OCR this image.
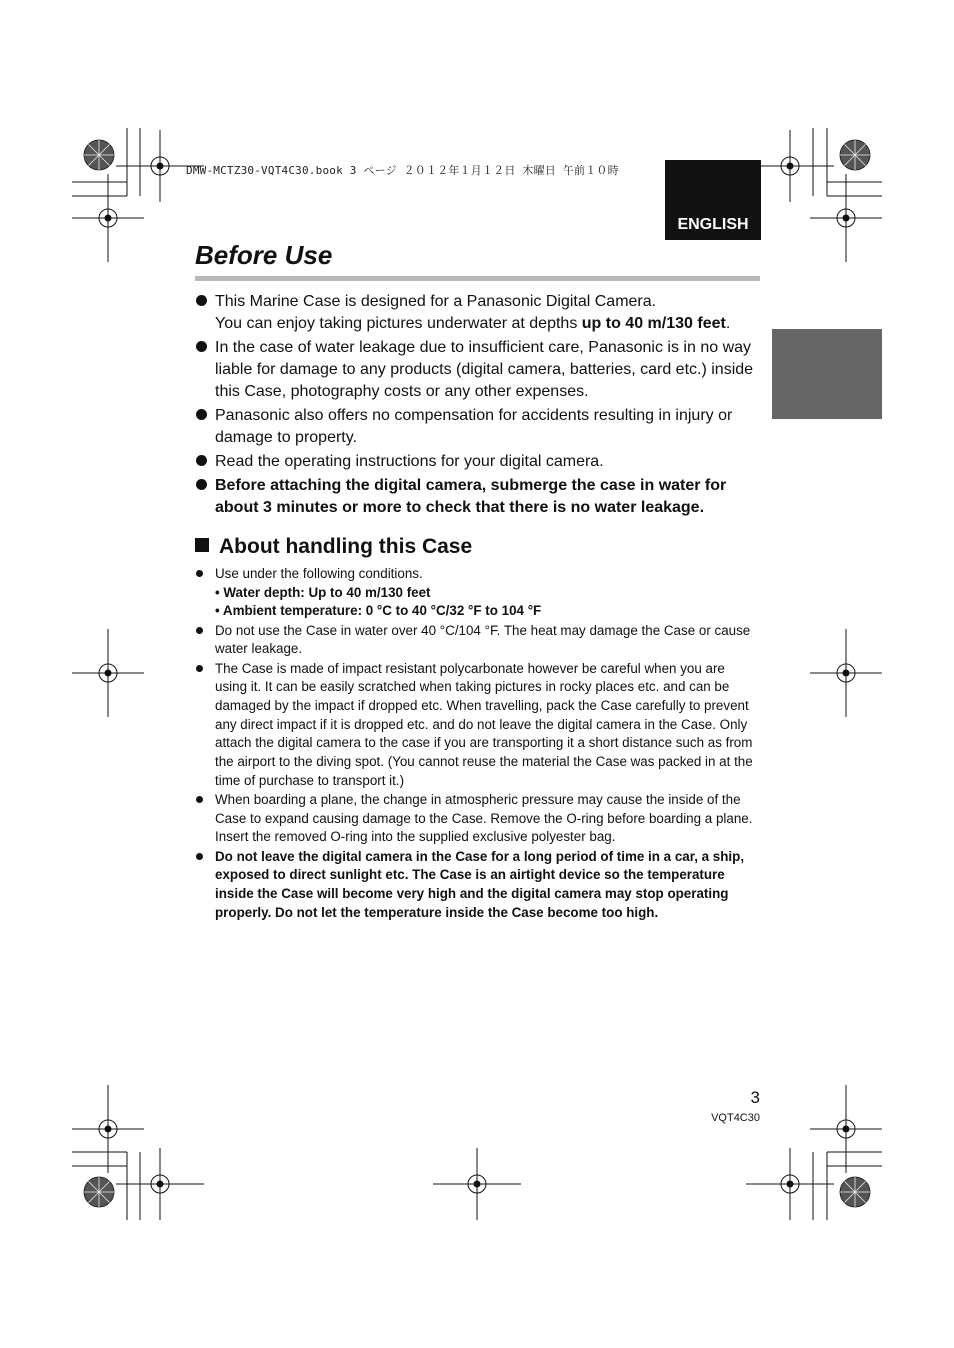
DMW-MCTZ30-VQT4C30.book 3 ページ ２０１２年１月１２日 木曜日 午前１０時
ENGLISH
Before Use
This Marine Case is designed for a Panasonic Digital Camera.
You can enjoy taking pictures underwater at depths up to 40 m/130 feet.
In the case of water leakage due to insufficient care, Panasonic is in no way liable for damage to any products (digital camera, batteries, card etc.) inside this Case, photography costs or any other expenses.
Panasonic also offers no compensation for accidents resulting in injury or damage to property.
Read the operating instructions for your digital camera.
Before attaching the digital camera, submerge the case in water for about 3 minutes or more to check that there is no water leakage.
About handling this Case
Use under the following conditions.
• Water depth: Up to 40 m/130 feet
• Ambient temperature: 0 °C to 40 °C/32 °F to 104 °F
Do not use the Case in water over 40 °C/104 °F. The heat may damage the Case or cause water leakage.
The Case is made of impact resistant polycarbonate however be careful when you are using it. It can be easily scratched when taking pictures in rocky places etc. and can be damaged by the impact if dropped etc. When travelling, pack the Case carefully to prevent any direct impact if it is dropped etc. and do not leave the digital camera in the Case. Only attach the digital camera to the case if you are transporting it a short distance such as from the airport to the diving spot. (You cannot reuse the material the Case was packed in at the time of purchase to transport it.)
When boarding a plane, the change in atmospheric pressure may cause the inside of the Case to expand causing damage to the Case. Remove the O-ring before boarding a plane.
Insert the removed O-ring into the supplied exclusive polyester bag.
Do not leave the digital camera in the Case for a long period of time in a car, a ship, exposed to direct sunlight etc. The Case is an airtight device so the temperature inside the Case will become very high and the digital camera may stop operating properly. Do not let the temperature inside the Case become too high.
3
VQT4C30
